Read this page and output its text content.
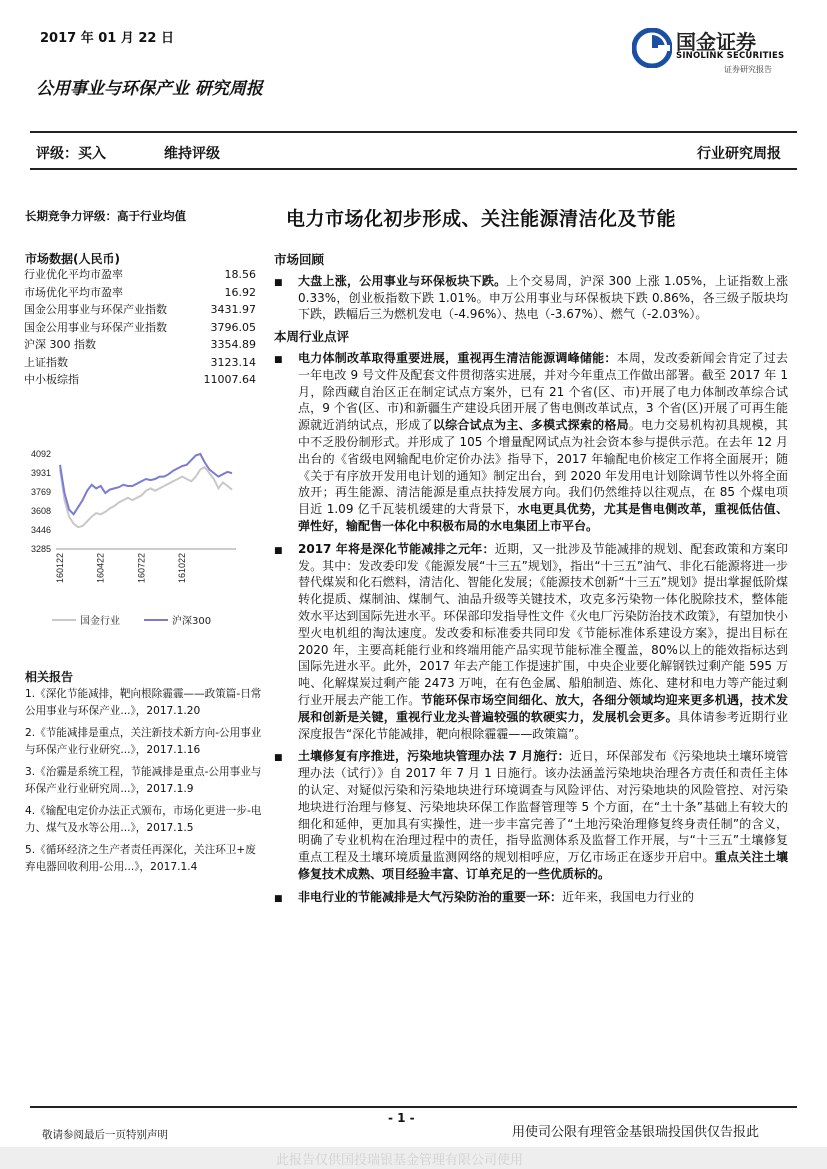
2017 年 01 月 22 日
公用事业与环保产业 研究周报
国金证券
SINOLINK SECURITIES
证券研究报告
评级：买入	维持评级	行业研究周报
长期竞争力评级：高于行业均值	电力市场化初步形成、关注能源清洁化及节能
市场数据(人民币)
行业优化平均市盈率	18.56
市场优化平均市盈率	16.92
国金公用事业与环保产业指数	3431.97
国金公用事业与环保产业指数	3796.05
沪深 300 指数	3354.89
上证指数	3123.14
中小板综指	11007.64
4092
3931
3769
3608
3446
3285
160122	160422	160722	161022
国金行业	沪深300
相关报告
1.《深化节能减排，靶向根除霾霾——政策篇-日常公用事业与环保产业...》，2017.1.20
2.《节能减排是重点，关注新技术新方向-公用事业与环保产业行业研究...》，2017.1.16
3.《治霾是系统工程，节能减排是重点-公用事业与环保产业行业研究周...》，2017.1.9
4.《输配电定价办法正式颁布，市场化更进一步-电力、煤气及水等公用...》，2017.1.5
5.《循环经济之生产者责任再深化，关注环卫+废弃电器回收利用-公用...》，2017.1.4
市场回顾
■	大盘上涨，公用事业与环保板块下跌。上个交易周，沪深 300 上涨 1.05%，上证指数上涨 0.33%，创业板指数下跌 1.01%。申万公用事业与环保板块下跌 0.86%，各三级子版块均下跌，跌幅后三为燃机发电（-4.96%）、热电（-3.67%）、燃气（-2.03%）。
本周行业点评
■	电力体制改革取得重要进展，重视再生清洁能源调峰储能：本周，发改委新闻会肯定了过去一年电改 9 号文件及配套文件贯彻落实进展，并对今年重点工作做出部署。截至 2017 年 1 月，除西藏自治区正在制定试点方案外，已有 21 个省(区、市)开展了电力体制改革综合试点，9 个省(区、市)和新疆生产建设兵团开展了售电侧改革试点，3 个省(区)开展了可再生能源就近消纳试点，形成了以综合试点为主、多模式探索的格局。电力交易机构初具规模，其中不乏股份制形式。并形成了 105 个增量配网试点为社会资本参与提供示范。在去年 12 月出台的《省级电网输配电价定价办法》指导下，2017 年输配电价核定工作将全面展开；随《关于有序放开发用电计划的通知》制定出台，到 2020 年发用电计划除调节性以外将全面放开；再生能源、清洁能源是重点扶持发展方向。我们仍然维持以往观点，在 85 个煤电项目近 1.09 亿千瓦装机缓建的大背景下，水电更具优势，尤其是售电侧改革，重视低估值、弹性好，输配售一体化中积极布局的水电集团上市平台。
■	2017 年将是深化节能减排之元年：近期，又一批涉及节能减排的规划、配套政策和方案印发。其中：发改委印发《能源发展“十三五”规划》，指出“十三五”油气、非化石能源将进一步替代煤炭和化石燃料，清洁化、智能化发展；《能源技术创新“十三五”规划》提出掌握低阶煤转化提质、煤制油、煤制气、油品升级等关键技术，攻克多污染物一体化脱除技术，整体能效水平达到国际先进水平。环保部印发指导性文件《火电厂污染防治技术政策》，有望加快小型火电机组的淘汰速度。发改委和标准委共同印发《节能标准体系建设方案》，提出目标在 2020 年，主要高耗能行业和终端用能产品实现节能标准全覆盖，80%以上的能效指标达到国际先进水平。此外，2017 年去产能工作提速扩围，中央企业要化解钢铁过剩产能 595 万吨、化解煤炭过剩产能 2473 万吨，在有色金属、船舶制造、炼化、建材和电力等产能过剩行业开展去产能工作。节能环保市场空间细化、放大，各细分领域均迎来更多机遇，技术发展和创新是关键，重视行业龙头普遍较强的软硬实力，发展机会更多。具体请参考近期行业深度报告“深化节能减排，靶向根除霾霾——政策篇”。
■	土壤修复有序推进，污染地块管理办法 7 月施行：近日，环保部发布《污染地块土壤环境管理办法（试行）》自 2017 年 7 月 1 日施行。该办法涵盖污染地块治理各方责任和责任主体的认定、对疑似污染和污染地块进行环境调查与风险评估、对污染地块的风险管控、对污染地块进行治理与修复、污染地块环保工作监督管理等 5 个方面，在“土十条”基础上有较大的细化和延伸，更加具有实操性，进一步丰富完善了“土地污染治理修复终身责任制”的含义，明确了专业机构在治理过程中的责任，指导监测体系及监督工作开展，与“十三五”土壤修复重点工程及土壤环境质量监测网络的规划相呼应，万亿市场正在逐步开启中。重点关注土壤修复技术成熟、项目经验丰富、订单充足的一些优质标的。
■	非电行业的节能减排是大气污染防治的重要一环：近年来，我国电力行业的
- 1 -
敬请参阅最后一页特别声明	用使司公限有理管金基银瑞投国供仅告报此
此报告仅供国投瑞银基金管理有限公司使用
